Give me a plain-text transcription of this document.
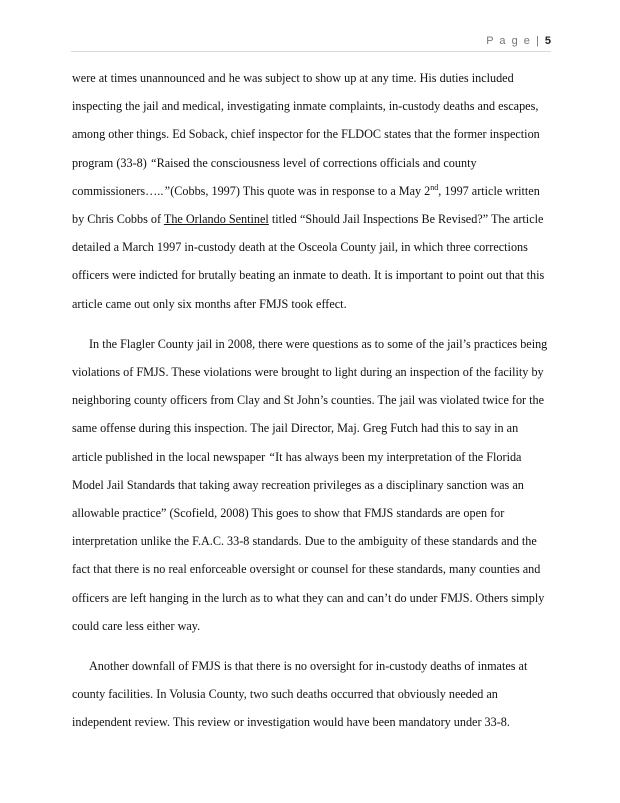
P a g e | 5

were at times unannounced and he was subject to show up at any time. His duties included inspecting the jail and medical, investigating inmate complaints, in-custody deaths and escapes, among other things. Ed Soback, chief inspector for the FLDOC states that the former inspection program (33-8) “Raised the consciousness level of corrections officials and county commissioners…..”(Cobbs, 1997) This quote was in response to a May 2nd, 1997 article written by Chris Cobbs of The Orlando Sentinel titled “Should Jail Inspections Be Revised?” The article detailed a March 1997 in-custody death at the Osceola County jail, in which three corrections officers were indicted for brutally beating an inmate to death. It is important to point out that this article came out only six months after FMJS took effect.

In the Flagler County jail in 2008, there were questions as to some of the jail’s practices being violations of FMJS. These violations were brought to light during an inspection of the facility by neighboring county officers from Clay and St John’s counties. The jail was violated twice for the same offense during this inspection. The jail Director, Maj. Greg Futch had this to say in an article published in the local newspaper “It has always been my interpretation of the Florida Model Jail Standards that taking away recreation privileges as a disciplinary sanction was an allowable practice” (Scofield, 2008) This goes to show that FMJS standards are open for interpretation unlike the F.A.C. 33-8 standards. Due to the ambiguity of these standards and the fact that there is no real enforceable oversight or counsel for these standards, many counties and officers are left hanging in the lurch as to what they can and can’t do under FMJS. Others simply could care less either way.

Another downfall of FMJS is that there is no oversight for in-custody deaths of inmates at county facilities. In Volusia County, two such deaths occurred that obviously needed an independent review. This review or investigation would have been mandatory under 33-8.
